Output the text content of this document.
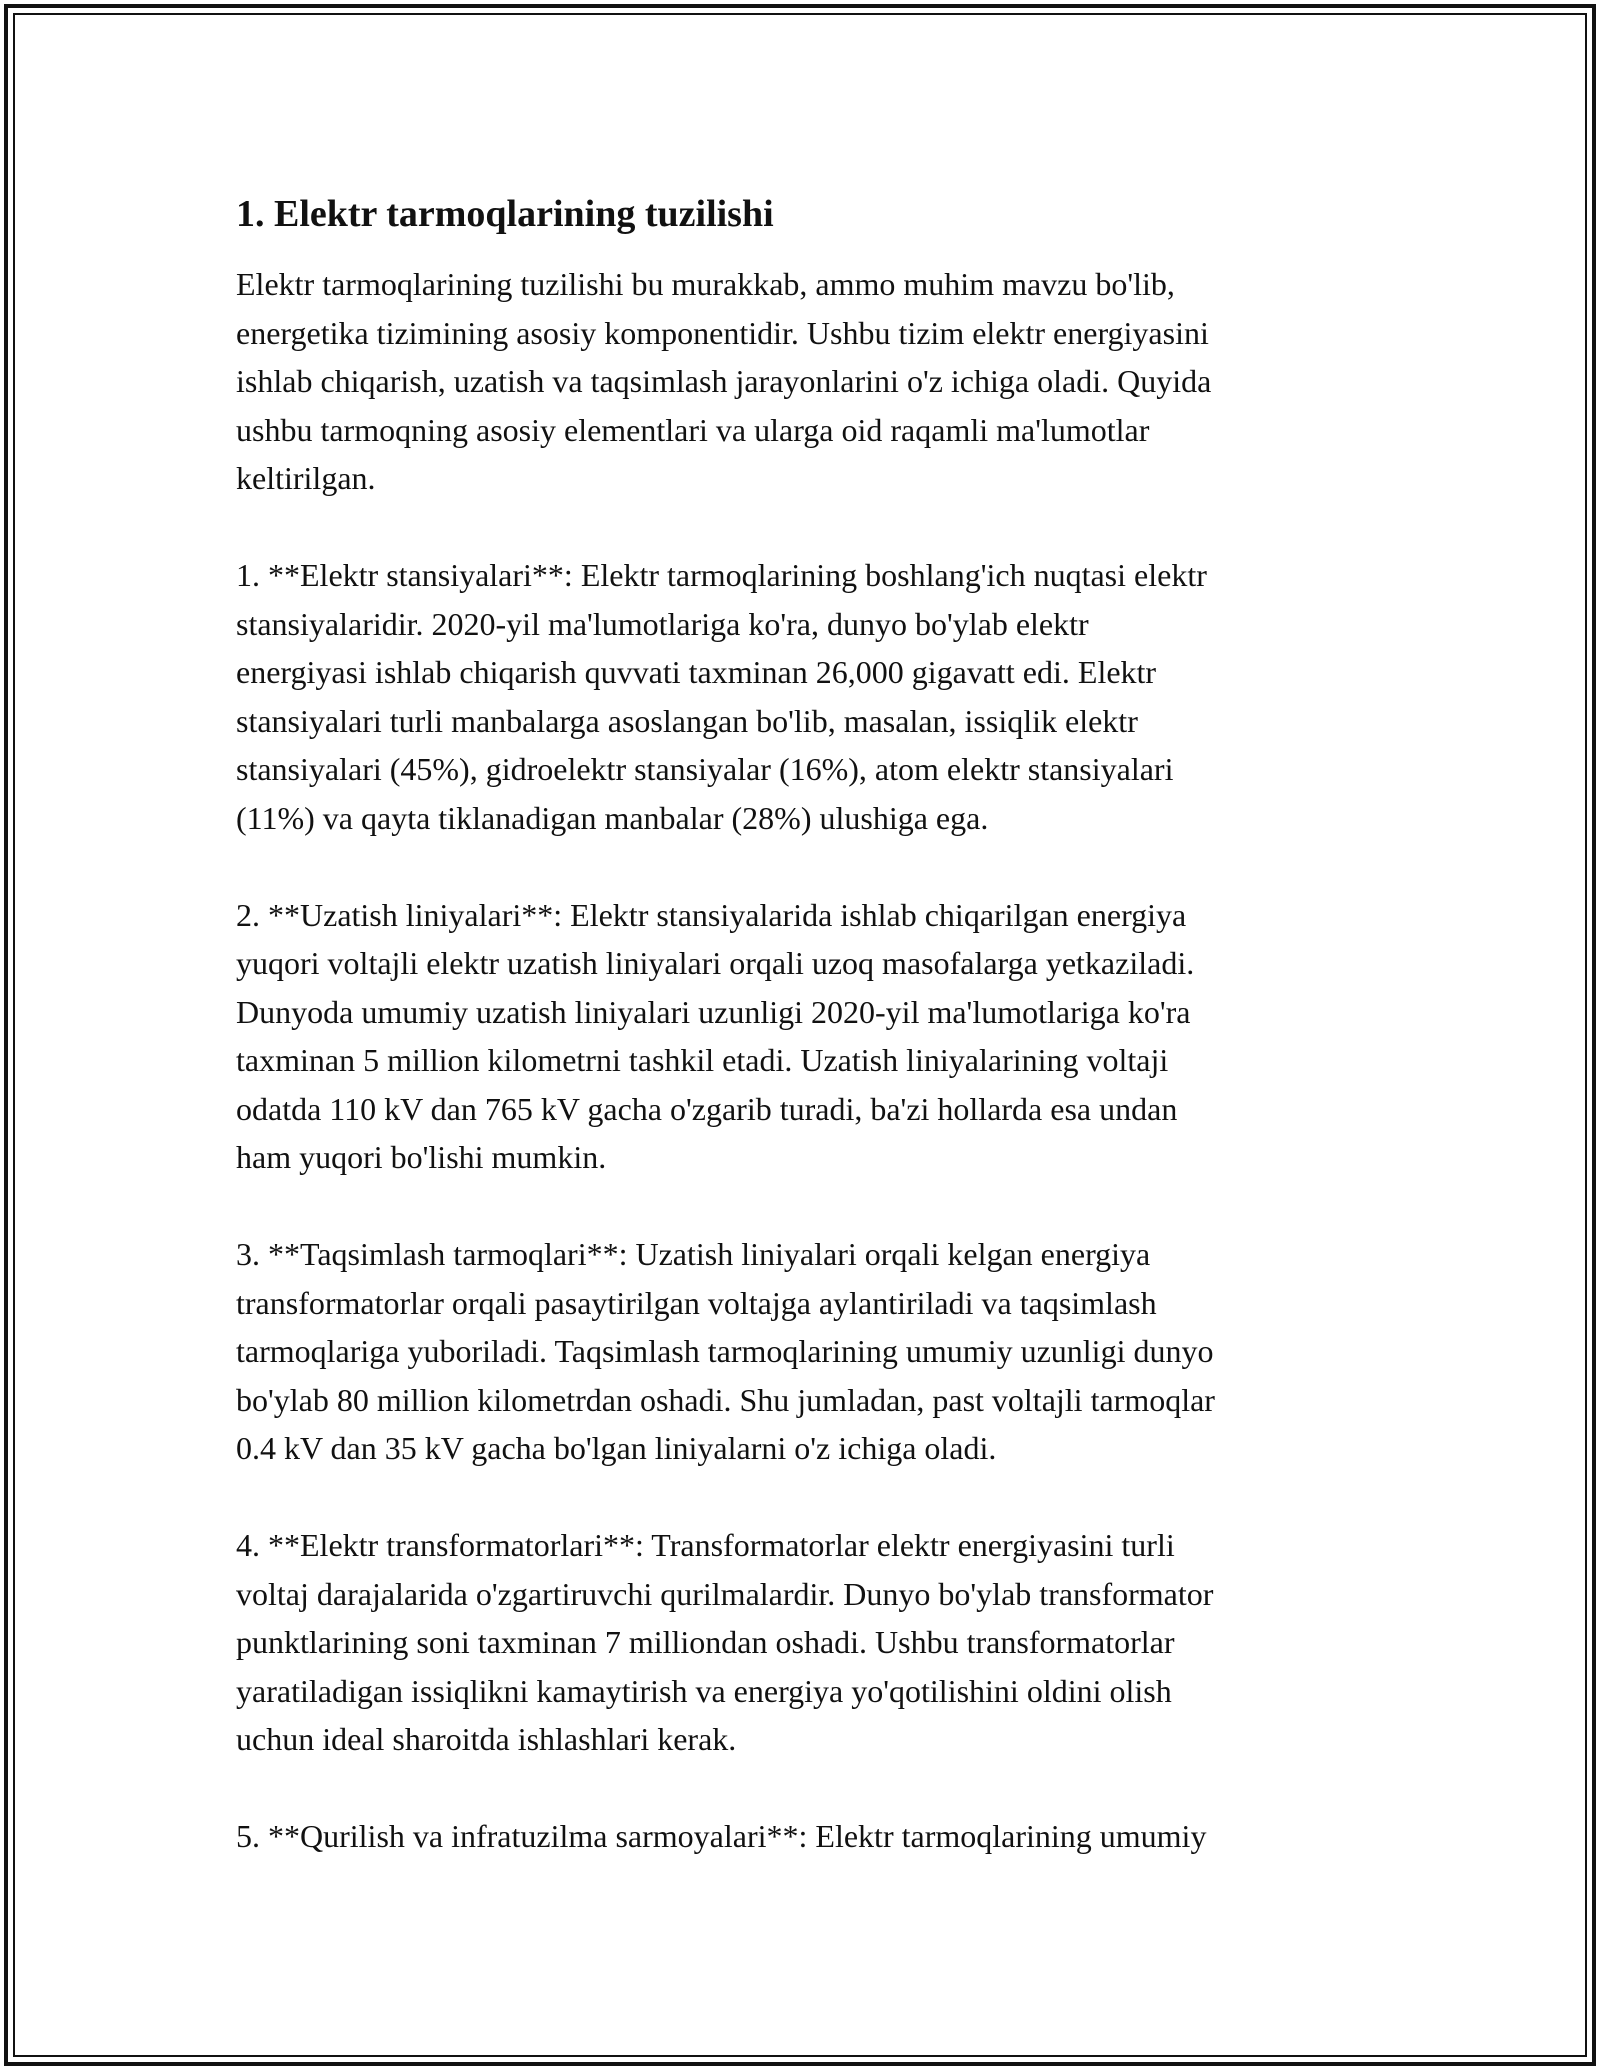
1. Elektr tarmoqlarining tuzilishi
Elektr tarmoqlarining tuzilishi bu murakkab, ammo muhim mavzu bo'lib,
energetika tizimining asosiy komponentidir. Ushbu tizim elektr energiyasini
ishlab chiqarish, uzatish va taqsimlash jarayonlarini o'z ichiga oladi. Quyida
ushbu tarmoqning asosiy elementlari va ularga oid raqamli ma'lumotlar
keltirilgan.
1. **Elektr stansiyalari**: Elektr tarmoqlarining boshlang'ich nuqtasi elektr
stansiyalaridir. 2020-yil ma'lumotlariga ko'ra, dunyo bo'ylab elektr
energiyasi ishlab chiqarish quvvati taxminan 26,000 gigavatt edi. Elektr
stansiyalari turli manbalarga asoslangan bo'lib, masalan, issiqlik elektr
stansiyalari (45%), gidroelektr stansiyalar (16%), atom elektr stansiyalari
(11%) va qayta tiklanadigan manbalar (28%) ulushiga ega.
2. **Uzatish liniyalari**: Elektr stansiyalarida ishlab chiqarilgan energiya
yuqori voltajli elektr uzatish liniyalari orqali uzoq masofalarga yetkaziladi.
Dunyoda umumiy uzatish liniyalari uzunligi 2020-yil ma'lumotlariga ko'ra
taxminan 5 million kilometrni tashkil etadi. Uzatish liniyalarining voltaji
odatda 110 kV dan 765 kV gacha o'zgarib turadi, ba'zi hollarda esa undan
ham yuqori bo'lishi mumkin.
3. **Taqsimlash tarmoqlari**: Uzatish liniyalari orqali kelgan energiya
transformatorlar orqali pasaytirilgan voltajga aylantiriladi va taqsimlash
tarmoqlariga yuboriladi. Taqsimlash tarmoqlarining umumiy uzunligi dunyo
bo'ylab 80 million kilometrdan oshadi. Shu jumladan, past voltajli tarmoqlar
0.4 kV dan 35 kV gacha bo'lgan liniyalarni o'z ichiga oladi.
4. **Elektr transformatorlari**: Transformatorlar elektr energiyasini turli
voltaj darajalarida o'zgartiruvchi qurilmalardir. Dunyo bo'ylab transformator
punktlarining soni taxminan 7 milliondan oshadi. Ushbu transformatorlar
yaratiladigan issiqlikni kamaytirish va energiya yo'qotilishini oldini olish
uchun ideal sharoitda ishlashlari kerak.
5. **Qurilish va infratuzilma sarmoyalari**: Elektr tarmoqlarining umumiy
